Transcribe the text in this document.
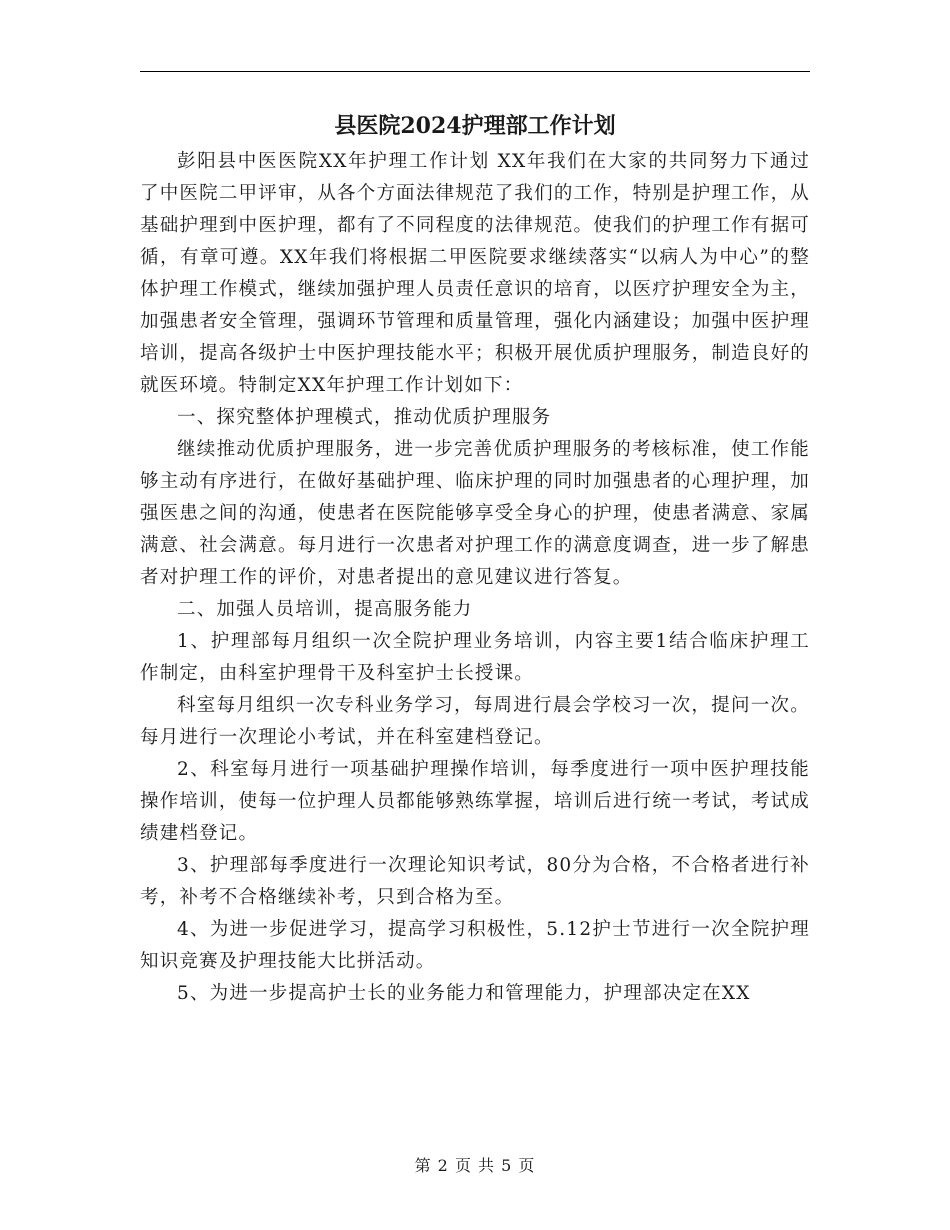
县医院2024护理部工作计划

彭阳县中医医院XX年护理工作计划 XX年我们在大家的共同努力下通过了中医院二甲评审，从各个方面法律规范了我们的工作，特别是护理工作，从基础护理到中医护理，都有了不同程度的法律规范。使我们的护理工作有据可循，有章可遵。XX年我们将根据二甲医院要求继续落实“以病人为中心”的整体护理工作模式，继续加强护理人员责任意识的培育，以医疗护理安全为主，加强患者安全管理，强调环节管理和质量管理，强化内涵建设；加强中医护理培训，提高各级护士中医护理技能水平；积极开展优质护理服务，制造良好的就医环境。特制定XX年护理工作计划如下：

一、探究整体护理模式，推动优质护理服务

继续推动优质护理服务，进一步完善优质护理服务的考核标准，使工作能够主动有序进行，在做好基础护理、临床护理的同时加强患者的心理护理，加强医患之间的沟通，使患者在医院能够享受全身心的护理，使患者满意、家属满意、社会满意。每月进行一次患者对护理工作的满意度调查，进一步了解患者对护理工作的评价，对患者提出的意见建议进行答复。

二、加强人员培训，提高服务能力

1、护理部每月组织一次全院护理业务培训，内容主要1结合临床护理工作制定，由科室护理骨干及科室护士长授课。

科室每月组织一次专科业务学习，每周进行晨会学校习一次，提问一次。每月进行一次理论小考试，并在科室建档登记。

2、科室每月进行一项基础护理操作培训，每季度进行一项中医护理技能操作培训，使每一位护理人员都能够熟练掌握，培训后进行统一考试，考试成绩建档登记。

3、护理部每季度进行一次理论知识考试，80分为合格，不合格者进行补考，补考不合格继续补考，只到合格为至。

4、为进一步促进学习，提高学习积极性，5.12护士节进行一次全院护理知识竞赛及护理技能大比拼活动。

5、为进一步提高护士长的业务能力和管理能力，护理部决定在XX

第 2 页 共 5 页
